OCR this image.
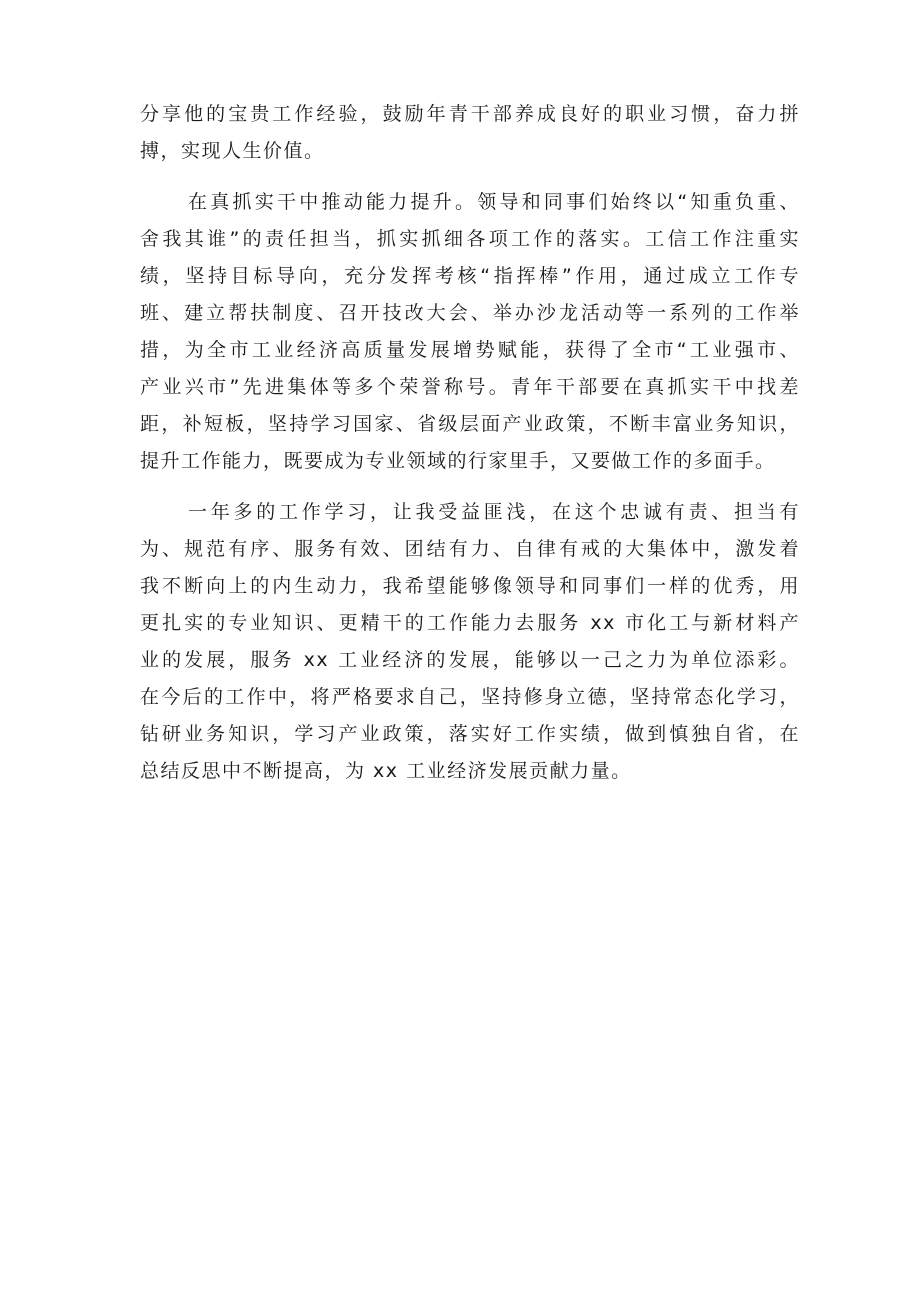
分享他的宝贵工作经验，鼓励年青干部养成良好的职业习惯，奋力拼
搏，实现人生价值。
在真抓实干中推动能力提升。领导和同事们始终以“知重负重、
舍我其谁”的责任担当，抓实抓细各项工作的落实。工信工作注重实
绩，坚持目标导向，充分发挥考核“指挥棒”作用，通过成立工作专
班、建立帮扶制度、召开技改大会、举办沙龙活动等一系列的工作举
措，为全市工业经济高质量发展增势赋能，获得了全市“工业强市、
产业兴市”先进集体等多个荣誉称号。青年干部要在真抓实干中找差
距，补短板，坚持学习国家、省级层面产业政策，不断丰富业务知识，
提升工作能力，既要成为专业领域的行家里手，又要做工作的多面手。
一年多的工作学习，让我受益匪浅，在这个忠诚有责、担当有
为、规范有序、服务有效、团结有力、自律有戒的大集体中，激发着
我不断向上的内生动力，我希望能够像领导和同事们一样的优秀，用
更扎实的专业知识、更精干的工作能力去服务 xx 市化工与新材料产
业的发展，服务 xx 工业经济的发展，能够以一己之力为单位添彩。
在今后的工作中，将严格要求自己，坚持修身立德，坚持常态化学习，
钻研业务知识，学习产业政策，落实好工作实绩，做到慎独自省，在
总结反思中不断提高，为 xx 工业经济发展贡献力量。
